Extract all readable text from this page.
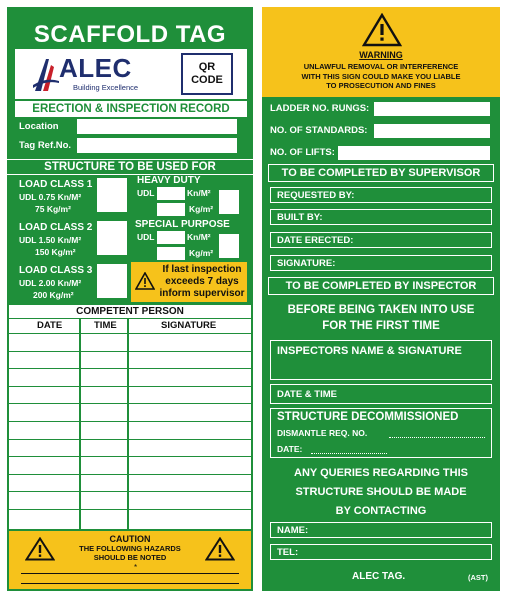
SCAFFOLD TAG
ALEC
Building Excellence
QR
CODE
ERECTION & INSPECTION RECORD
Location
Tag Ref.No.
STRUCTURE TO BE USED FOR
LOAD CLASS 1
UDL 0.75 Kn/M²
75 Kg/m²
HEAVY DUTY
UDL	Kn/M²
Kg/m²
LOAD CLASS 2
UDL 1.50 Kn/M²
150 Kg/m²
SPECIAL PURPOSE
UDL	Kn/M²
Kg/m²
LOAD CLASS 3
UDL 2.00 Kn/M²
200 Kg/m²
If last inspection
exceeds 7 days
inform supervisor
COMPETENT PERSON
DATE	TIME	SIGNATURE
CAUTION
THE FOLLOWING HAZARDS
SHOULD BE NOTED
*
WARNING
UNLAWFUL REMOVAL OR INTERFERENCE
WITH THIS SIGN COULD MAKE YOU LIABLE
TO PROSECUTION AND FINES
LADDER NO. RUNGS:
NO. OF STANDARDS:
NO. OF LIFTS:
TO BE COMPLETED BY SUPERVISOR
REQUESTED BY:
BUILT BY:
DATE ERECTED:
SIGNATURE:
TO BE COMPLETED BY INSPECTOR
BEFORE BEING TAKEN INTO USE
FOR THE FIRST TIME
INSPECTORS NAME & SIGNATURE
DATE & TIME
STRUCTURE DECOMMISSIONED
DISMANTLE REQ. NO.
DATE:
ANY QUERIES REGARDING THIS
STRUCTURE SHOULD BE MADE
BY CONTACTING
NAME:
TEL:
ALEC TAG.	(AST)
